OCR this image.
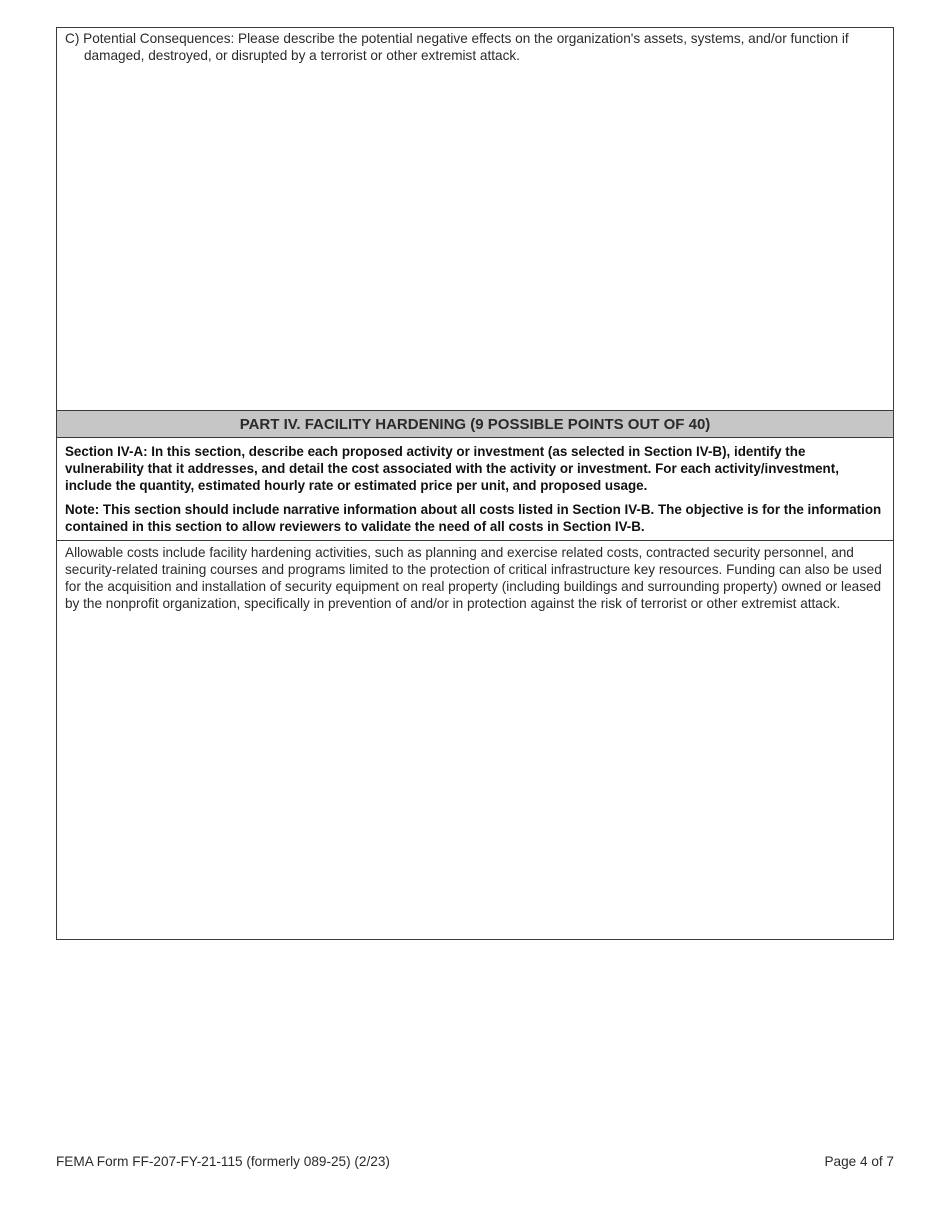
C) Potential Consequences: Please describe the potential negative effects on the organization's assets, systems, and/or function if damaged, destroyed, or disrupted by a terrorist or other extremist attack.

PART IV. FACILITY HARDENING (9 POSSIBLE POINTS OUT OF 40)

Section IV-A: In this section, describe each proposed activity or investment (as selected in Section IV-B), identify the vulnerability that it addresses, and detail the cost associated with the activity or investment. For each activity/investment, include the quantity, estimated hourly rate or estimated price per unit, and proposed usage.

Note: This section should include narrative information about all costs listed in Section IV-B. The objective is for the information contained in this section to allow reviewers to validate the need of all costs in Section IV-B.

Allowable costs include facility hardening activities, such as planning and exercise related costs, contracted security personnel, and security-related training courses and programs limited to the protection of critical infrastructure key resources. Funding can also be used for the acquisition and installation of security equipment on real property (including buildings and surrounding property) owned or leased by the nonprofit organization, specifically in prevention of and/or in protection against the risk of terrorist or other extremist attack.

FEMA Form FF-207-FY-21-115 (formerly 089-25) (2/23)	Page 4 of 7
